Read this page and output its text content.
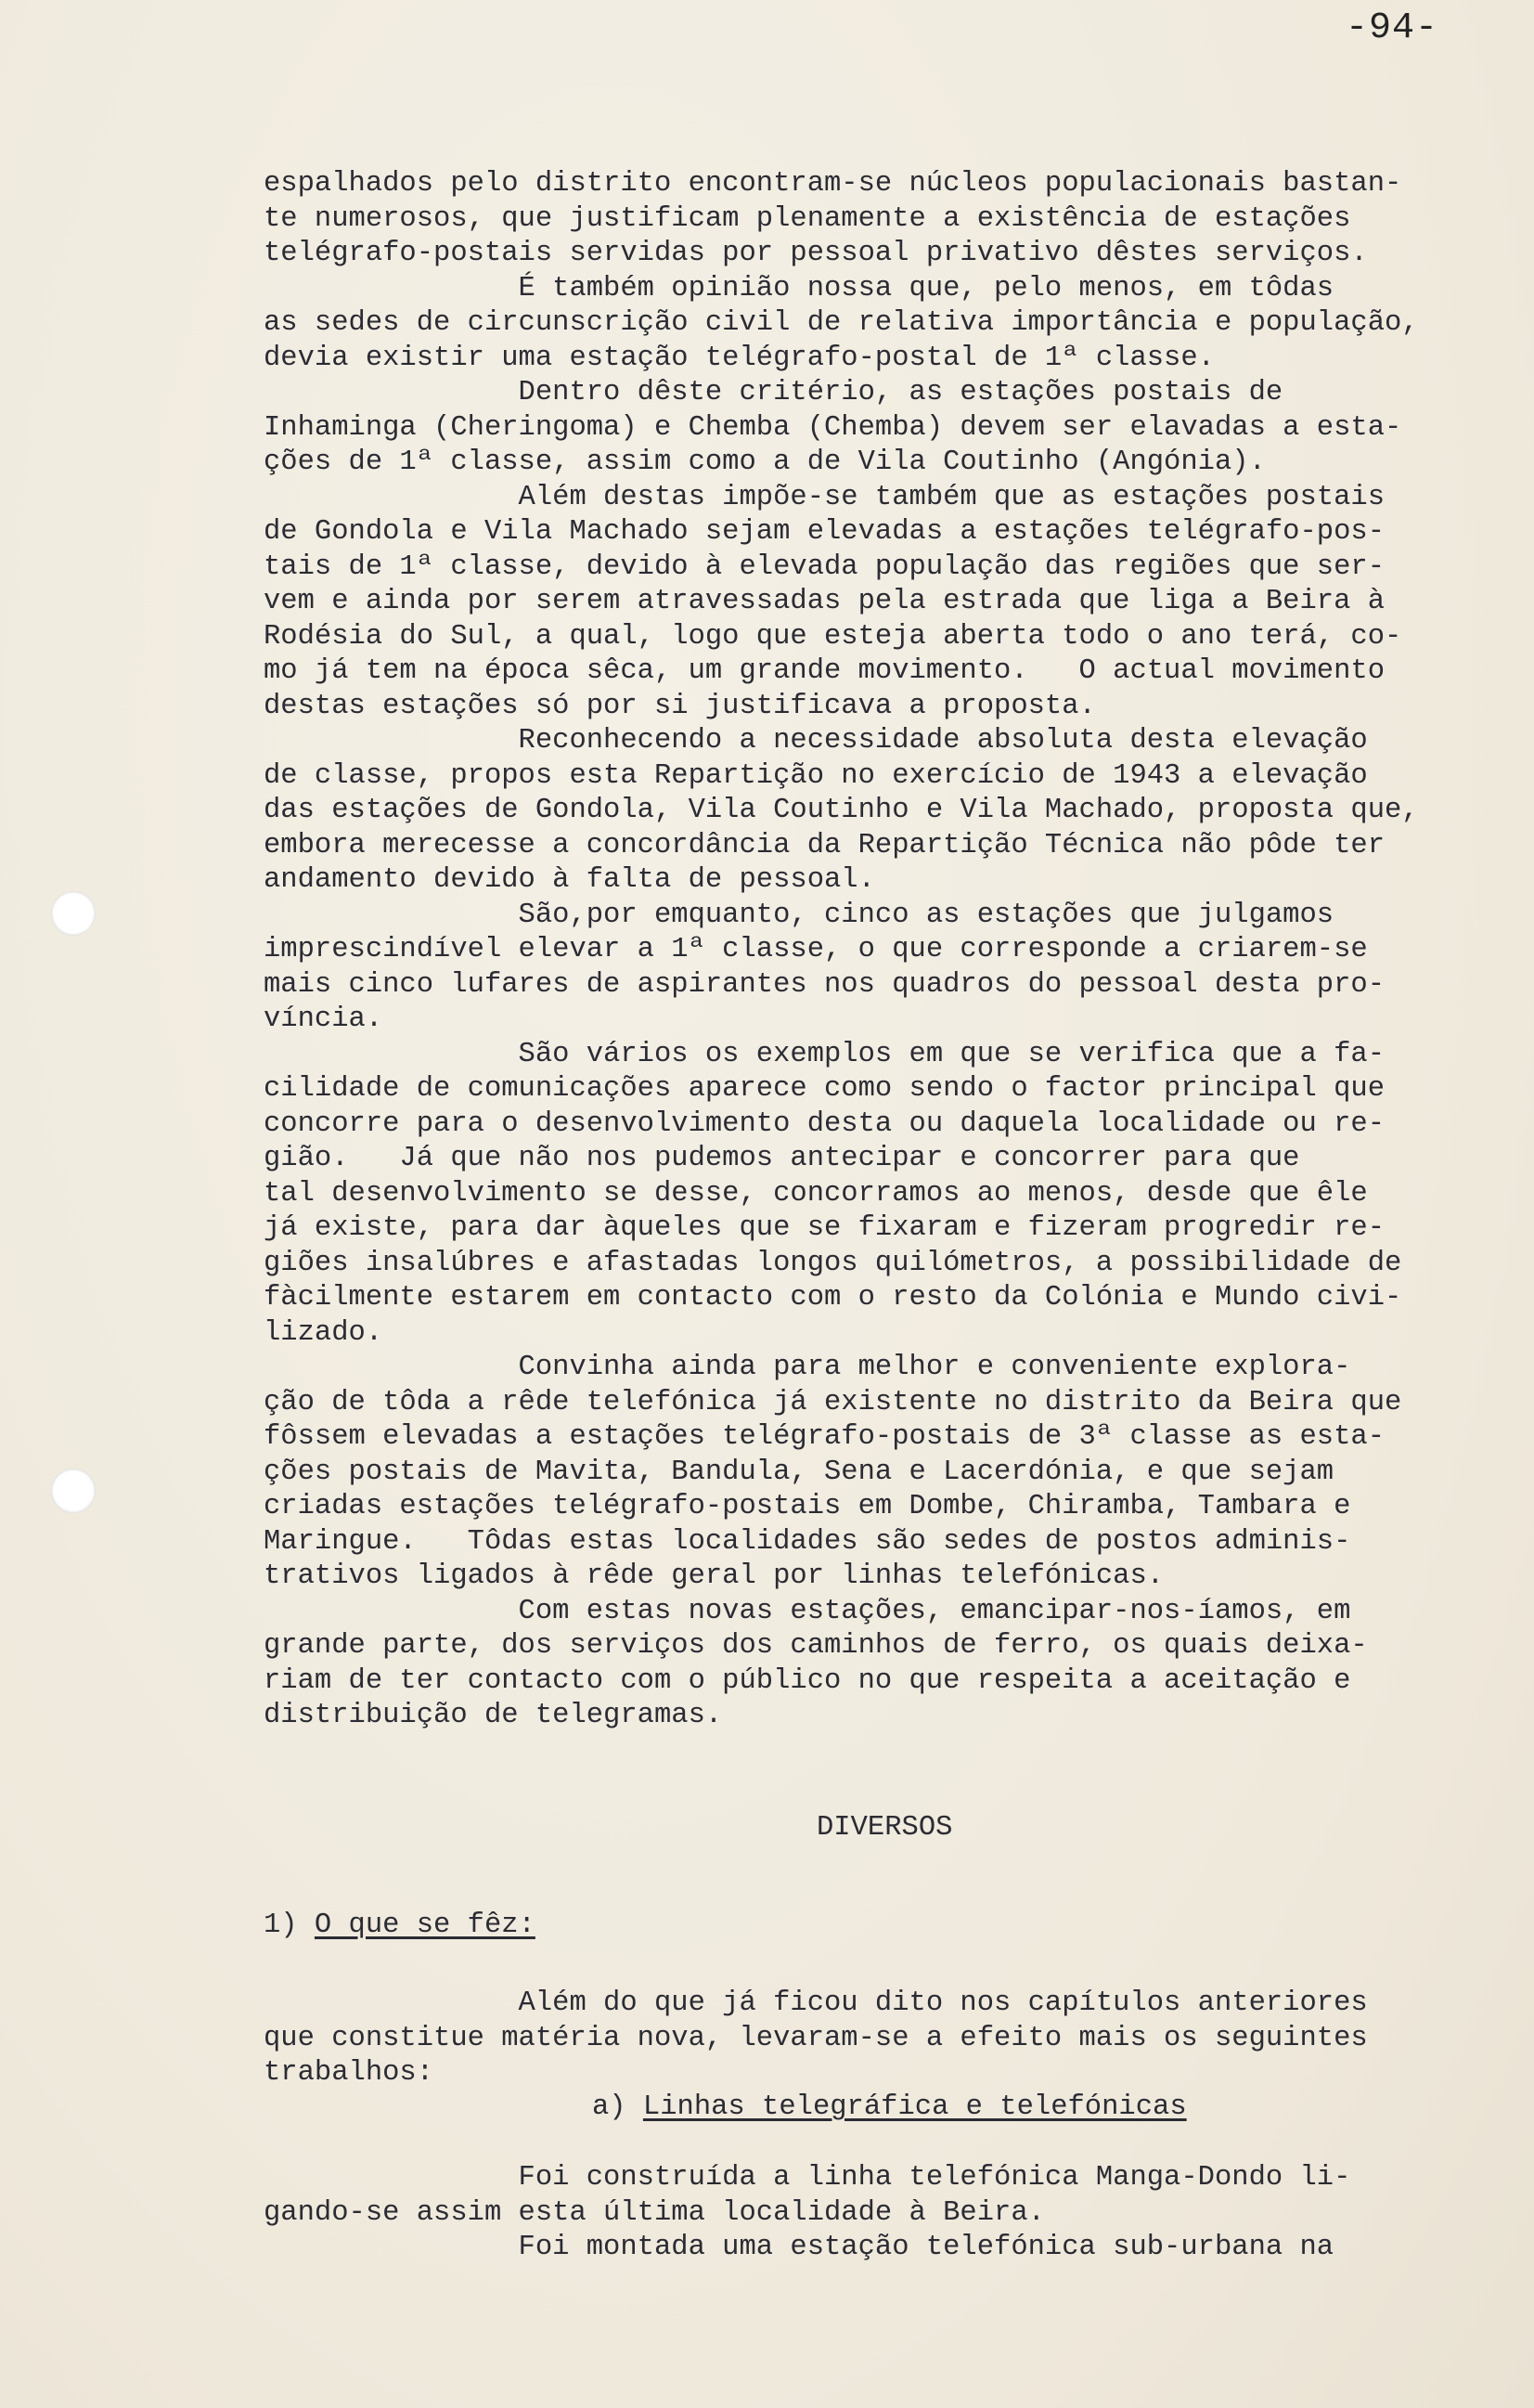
-94-
espalhados pelo distrito encontram-se núcleos populacionais bastan-
te numerosos, que justificam plenamente a existência de estações
telégrafo-postais servidas por pessoal privativo dêstes serviços.
É também opinião nossa que, pelo menos, em tôdas
as sedes de circunscrição civil de relativa importância e população,
devia existir uma estação telégrafo-postal de 1ª classe.
Dentro dêste critério, as estações postais de
Inhaminga (Cheringoma) e Chemba (Chemba) devem ser elavadas a esta-
ções de 1ª classe, assim como a de Vila Coutinho (Angónia).
Além destas impõe-se também que as estações postais
de Gondola e Vila Machado sejam elevadas a estações telégrafo-pos-
tais de 1ª classe, devido à elevada população das regiões que ser-
vem e ainda por serem atravessadas pela estrada que liga a Beira à
Rodésia do Sul, a qual, logo que esteja aberta todo o ano terá, co-
mo já tem na época sêca, um grande movimento.   O actual movimento
destas estações só por si justificava a proposta.
Reconhecendo a necessidade absoluta desta elevação
de classe, propos esta Repartição no exercício de 1943 a elevação
das estações de Gondola, Vila Coutinho e Vila Machado, proposta que,
embora merecesse a concordância da Repartição Técnica não pôde ter
andamento devido à falta de pessoal.
São,por emquanto, cinco as estações que julgamos
imprescindível elevar a 1ª classe, o que corresponde a criarem-se
mais cinco lufares de aspirantes nos quadros do pessoal desta pro-
víncia.
São vários os exemplos em que se verifica que a fa-
cilidade de comunicações aparece como sendo o factor principal que
concorre para o desenvolvimento desta ou daquela localidade ou re-
gião.   Já que não nos pudemos antecipar e concorrer para que
tal desenvolvimento se desse, concorramos ao menos, desde que êle
já existe, para dar àqueles que se fixaram e fizeram progredir re-
giões insalúbres e afastadas longos quilómetros, a possibilidade de
fàcilmente estarem em contacto com o resto da Colónia e Mundo civi-
lizado.
Convinha ainda para melhor e conveniente explora-
ção de tôda a rêde telefónica já existente no distrito da Beira que
fôssem elevadas a estações telégrafo-postais de 3ª classe as esta-
ções postais de Mavita, Bandula, Sena e Lacerdónia, e que sejam
criadas estações telégrafo-postais em Dombe, Chiramba, Tambara e
Maringue.   Tôdas estas localidades são sedes de postos adminis-
trativos ligados à rêde geral por linhas telefónicas.
Com estas novas estações, emancipar-nos-íamos, em
grande parte, dos serviços dos caminhos de ferro, os quais deixa-
riam de ter contacto com o público no que respeita a aceitação e
distribuição de telegramas.
DIVERSOS
1) O que se fêz:
Além do que já ficou dito nos capítulos anteriores
que constitue matéria nova, levaram-se a efeito mais os seguintes
trabalhos:
a) Linhas telegráfica e telefónicas
Foi construída a linha telefónica Manga-Dondo li-
gando-se assim esta última localidade à Beira.
Foi montada uma estação telefónica sub-urbana na
